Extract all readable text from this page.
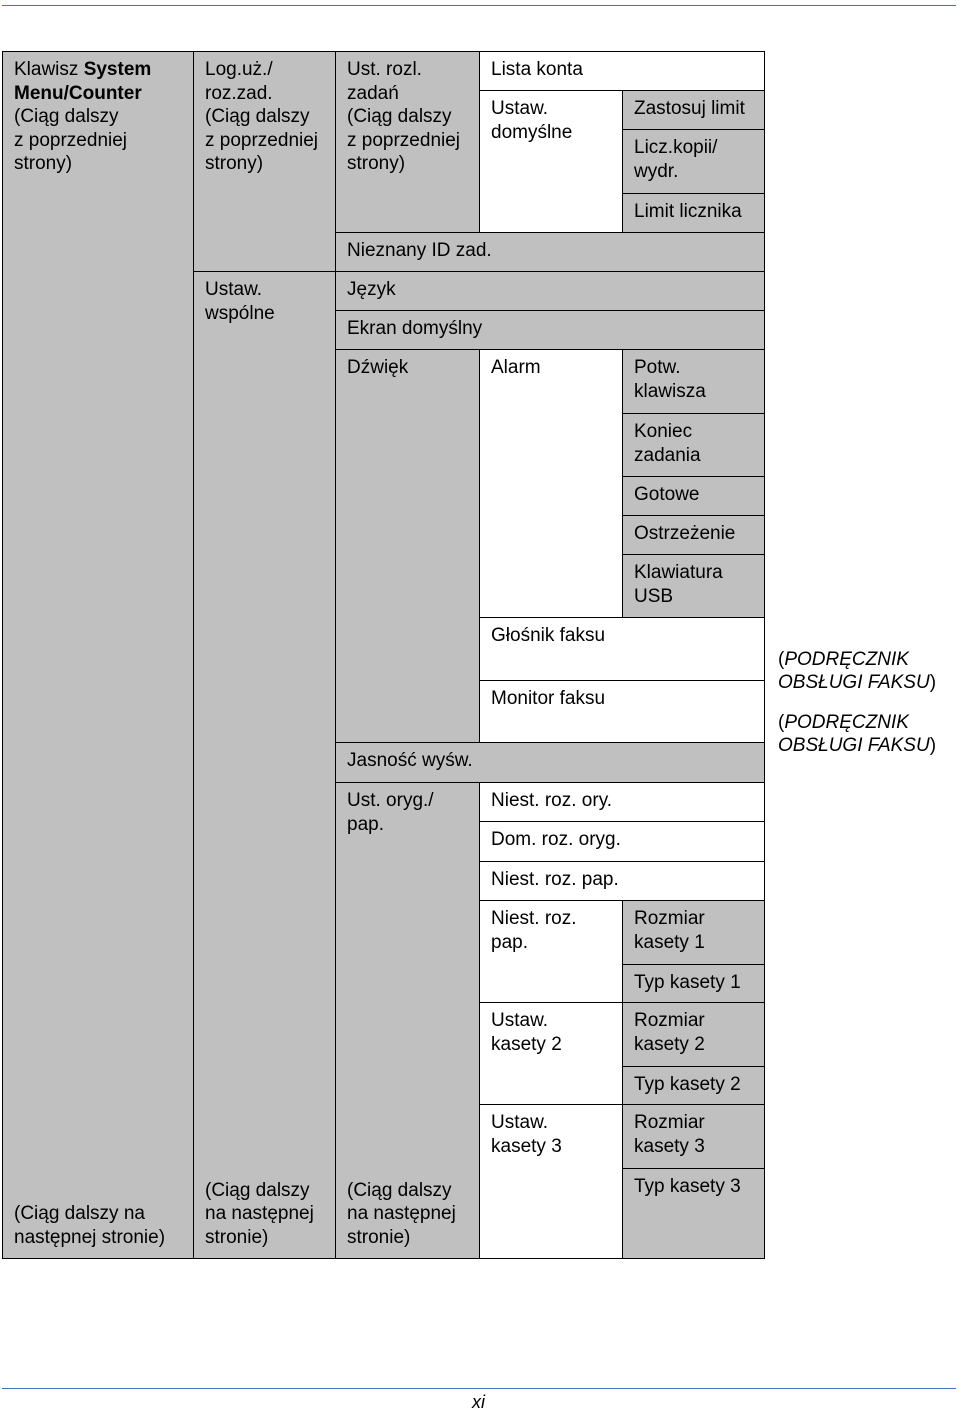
Klawisz System Menu/Counter
(Ciąg dalszy
z poprzedniej
strony)
(Ciąg dalszy na
następnej stronie)
Log.uż./
roz.zad.
(Ciąg dalszy
z poprzedniej
strony)
Ustaw.
wspólne
(Ciąg dalszy
na następnej
stronie)
Ust. rozl.
zadań
(Ciąg dalszy
z poprzedniej
strony)
Nieznany ID zad.
Język
Ekran domyślny
Dźwięk
Jasność wyśw.
Ust. oryg./
pap.
(Ciąg dalszy
na następnej
stronie)
Lista konta
Ustaw.
domyślne
Alarm
Głośnik faksu
Monitor faksu
Niest. roz. ory.
Dom. roz. oryg.
Niest. roz. pap.
Niest. roz.
pap.
Ustaw.
kasety 2
Ustaw.
kasety 3
Zastosuj limit
Licz.kopii/
wydr.
Limit licznika
Potw.
klawisza
Koniec
zadania
Gotowe
Ostrzeżenie
Klawiatura
USB
Rozmiar
kasety 1
Typ kasety 1
Rozmiar
kasety 2
Typ kasety 2
Rozmiar
kasety 3
Typ kasety 3

(PODRĘCZNIK
OBSŁUGI FAKSU)

(PODRĘCZNIK
OBSŁUGI FAKSU)

xi
